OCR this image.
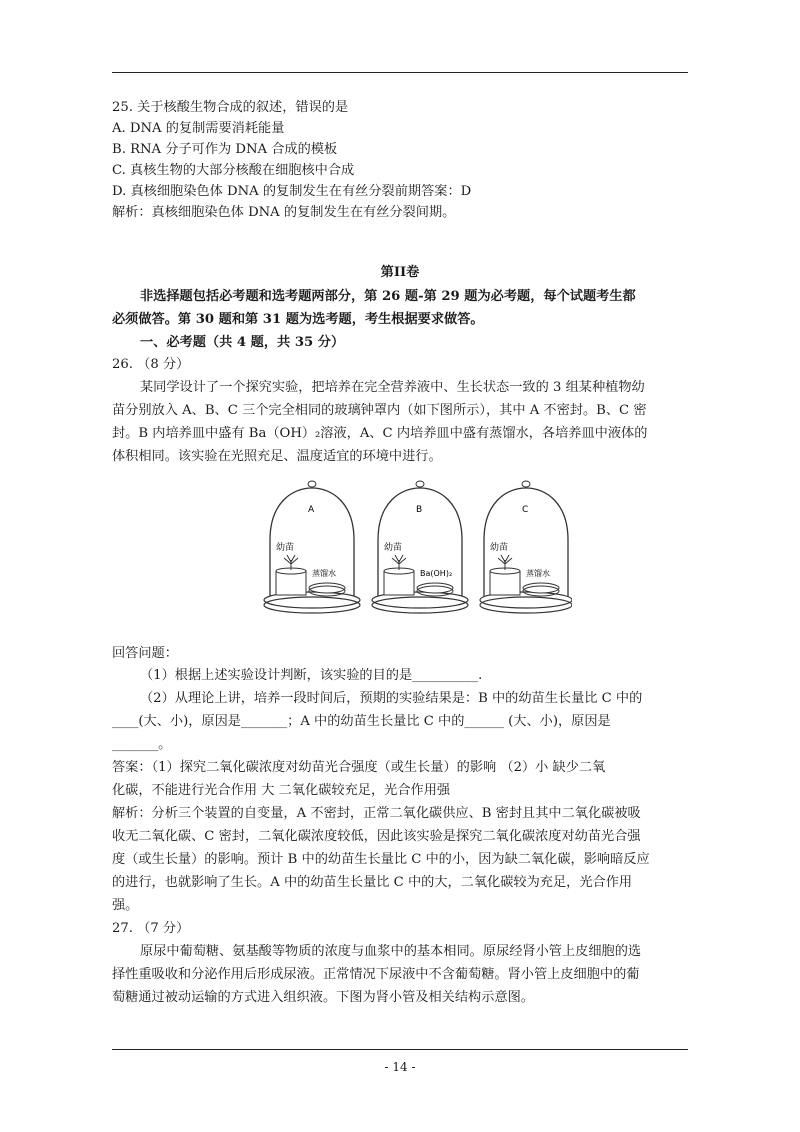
25. 关于核酸生物合成的叙述，错误的是
A. DNA 的复制需要消耗能量
B. RNA 分子可作为 DNA 合成的模板
C. 真核生物的大部分核酸在细胞核中合成
D. 真核细胞染色体 DNA 的复制发生在有丝分裂前期答案：D
解析：真核细胞染色体 DNA 的复制发生在有丝分裂间期。
第II卷
非选择题包括必考题和选考题两部分，第 26 题-第 29 题为必考题，每个试题考生都
必须做答。第 30 题和第 31 题为选考题，考生根据要求做答。
一、必考题（共 4 题，共 35 分）
26. （8 分）
某同学设计了一个探究实验，把培养在完全营养液中、生长状态一致的 3 组某种植物幼
苗分别放入 A、B、C 三个完全相同的玻璃钟罩内（如下图所示），其中 A 不密封。B、C 密
封。B 内培养皿中盛有 Ba（OH）₂溶液，A、C 内培养皿中盛有蒸馏水，各培养皿中液体的
体积相同。该实验在光照充足、温度适宜的环境中进行。
A
幼苗
蒸馏水
B
幼苗
Ba(OH)₂
C
幼苗
蒸馏水
回答问题：
（1）根据上述实验设计判断，该实验的目的是__________.
（2）从理论上讲，培养一段时间后，预期的实验结果是：B 中的幼苗生长量比 C 中的
____(大、小)，原因是_______；A 中的幼苗生长量比 C 中的______ (大、小)，原因是
_______。
答案：（1）探究二氧化碳浓度对幼苗光合强度（或生长量）的影响 （2）小 缺少二氧
化碳，不能进行光合作用 大 二氧化碳较充足，光合作用强
解析：分析三个装置的自变量，A 不密封，正常二氧化碳供应、B 密封且其中二氧化碳被吸
收无二氧化碳、C 密封，二氧化碳浓度较低，因此该实验是探究二氧化碳浓度对幼苗光合强
度（或生长量）的影响。预计 B 中的幼苗生长量比 C 中的小，因为缺二氧化碳，影响暗反应
的进行，也就影响了生长。A 中的幼苗生长量比 C 中的大，二氧化碳较为充足，光合作用
强。
27. （7 分）
原尿中葡萄糖、氨基酸等物质的浓度与血浆中的基本相同。原尿经肾小管上皮细胞的选
择性重吸收和分泌作用后形成尿液。正常情况下尿液中不含葡萄糖。肾小管上皮细胞中的葡
萄糖通过被动运输的方式进入组织液。下图为肾小管及相关结构示意图。
- 14 -
